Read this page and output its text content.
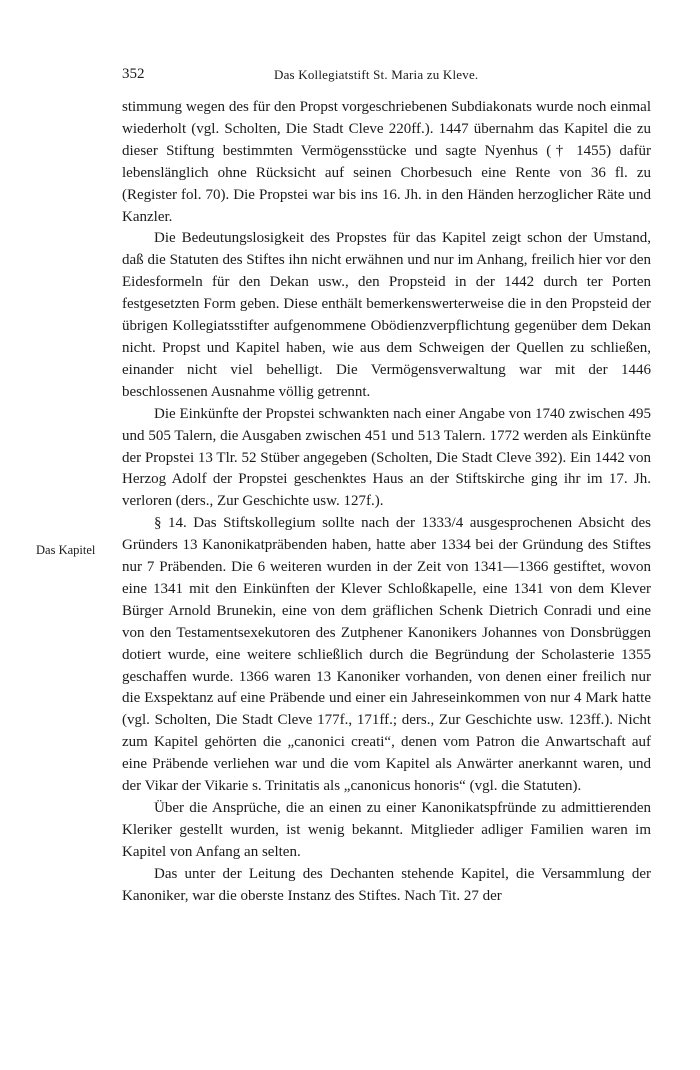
352	Das Kollegiatstift St. Maria zu Kleve.
Das Kapitel

stimmung wegen des für den Propst vorgeschriebenen Subdiakonats wurde noch einmal wiederholt (vgl. Scholten, Die Stadt Cleve 220ff.). 1447 übernahm das Kapitel die zu dieser Stiftung bestimmten Vermögensstücke und sagte Nyenhus († 1455) dafür lebenslänglich ohne Rücksicht auf seinen Chorbesuch eine Rente von 36 fl. zu (Register fol. 70). Die Propstei war bis ins 16. Jh. in den Händen herzoglicher Räte und Kanzler.

Die Bedeutungslosigkeit des Propstes für das Kapitel zeigt schon der Umstand, daß die Statuten des Stiftes ihn nicht erwähnen und nur im Anhang, freilich hier vor den Eidesformeln für den Dekan usw., den Propsteid in der 1442 durch ter Porten festgesetzten Form geben. Diese enthält bemerkenswerterweise die in den Propsteid der übrigen Kollegiatsstifter aufgenommene Obödienzverpflichtung gegenüber dem Dekan nicht. Propst und Kapitel haben, wie aus dem Schweigen der Quellen zu schließen, einander nicht viel behelligt. Die Vermögensverwaltung war mit der 1446 beschlossenen Ausnahme völlig getrennt.

Die Einkünfte der Propstei schwankten nach einer Angabe von 1740 zwischen 495 und 505 Talern, die Ausgaben zwischen 451 und 513 Talern. 1772 werden als Einkünfte der Propstei 13 Tlr. 52 Stüber angegeben (Scholten, Die Stadt Cleve 392). Ein 1442 von Herzog Adolf der Propstei geschenktes Haus an der Stiftskirche ging ihr im 17. Jh. verloren (ders., Zur Geschichte usw. 127f.).

§ 14. Das Stiftskollegium sollte nach der 1333/4 ausgesprochenen Absicht des Gründers 13 Kanonikatpräbenden haben, hatte aber 1334 bei der Gründung des Stiftes nur 7 Präbenden. Die 6 weiteren wurden in der Zeit von 1341—1366 gestiftet, wovon eine 1341 mit den Einkünften der Klever Schloßkapelle, eine 1341 von dem Klever Bürger Arnold Brunekin, eine von dem gräflichen Schenk Dietrich Conradi und eine von den Testamentsexekutoren des Zutphener Kanonikers Johannes von Donsbrüggen dotiert wurde, eine weitere schließlich durch die Begründung der Scholasterie 1355 geschaffen wurde. 1366 waren 13 Kanoniker vorhanden, von denen einer freilich nur die Exspektanz auf eine Präbende und einer ein Jahreseinkommen von nur 4 Mark hatte (vgl. Scholten, Die Stadt Cleve 177f., 171ff.; ders., Zur Geschichte usw. 123ff.). Nicht zum Kapitel gehörten die „canonici creati“, denen vom Patron die Anwartschaft auf eine Präbende verliehen war und die vom Kapitel als Anwärter anerkannt waren, und der Vikar der Vikarie s. Trinitatis als „canonicus honoris“ (vgl. die Statuten).

Über die Ansprüche, die an einen zu einer Kanonikatspfründe zu admittierenden Kleriker gestellt wurden, ist wenig bekannt. Mitglieder adliger Familien waren im Kapitel von Anfang an selten.

Das unter der Leitung des Dechanten stehende Kapitel, die Versammlung der Kanoniker, war die oberste Instanz des Stiftes. Nach Tit. 27 der
